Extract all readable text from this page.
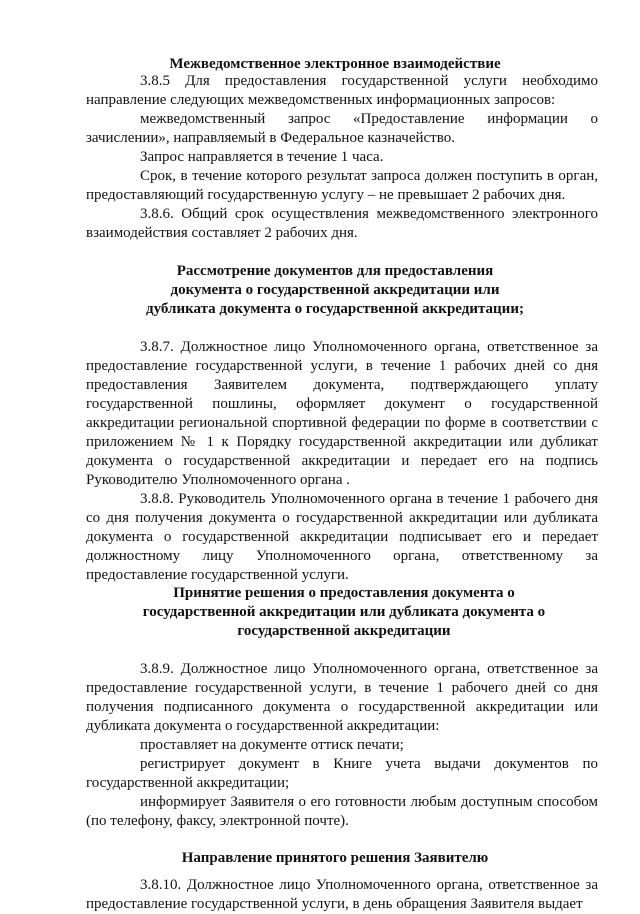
Межведомственное электронное взаимодействие

3.8.5 Для предоставления государственной услуги необходимо направление следующих межведомственных информационных запросов:

межведомственный запрос «Предоставление информации о зачислении», направляемый в Федеральное казначейство.

Запрос направляется в течение 1 часа.

Срок, в течение которого результат запроса должен поступить в орган, предоставляющий государственную услугу – не превышает 2 рабочих дня.

3.8.6. Общий срок осуществления межведомственного электронного взаимодействия составляет 2 рабочих дня.

Рассмотрение документов для предоставления документа о государственной аккредитации или дубликата документа о государственной аккредитации;

3.8.7. Должностное лицо Уполномоченного органа, ответственное за предоставление государственной услуги, в течение 1 рабочих дней со дня предоставления Заявителем документа, подтверждающего уплату государственной пошлины, оформляет документ о государственной аккредитации региональной спортивной федерации по форме в соответствии с приложением № 1 к Порядку государственной аккредитации или дубликат документа о государственной аккредитации и передает его на подпись Руководителю Уполномоченного органа .

3.8.8. Руководитель Уполномоченного органа в течение 1 рабочего дня со дня получения документа о государственной аккредитации или дубликата документа о государственной аккредитации подписывает его и передает должностному лицу Уполномоченного органа, ответственному за предоставление государственной услуги.

Принятие решения о предоставления документа о государственной аккредитации или дубликата документа о государственной аккредитации

3.8.9. Должностное лицо Уполномоченного органа, ответственное за предоставление государственной услуги, в течение 1 рабочего дней со дня получения подписанного документа о государственной аккредитации или дубликата документа о государственной аккредитации:

проставляет на документе оттиск печати;

регистрирует документ в Книге учета выдачи документов по государственной аккредитации;

информирует Заявителя о его готовности любым доступным способом (по телефону, факсу, электронной почте).

Направление принятого решения Заявителю

3.8.10. Должностное лицо Уполномоченного органа, ответственное за предоставление государственной услуги, в день обращения Заявителя выдает
